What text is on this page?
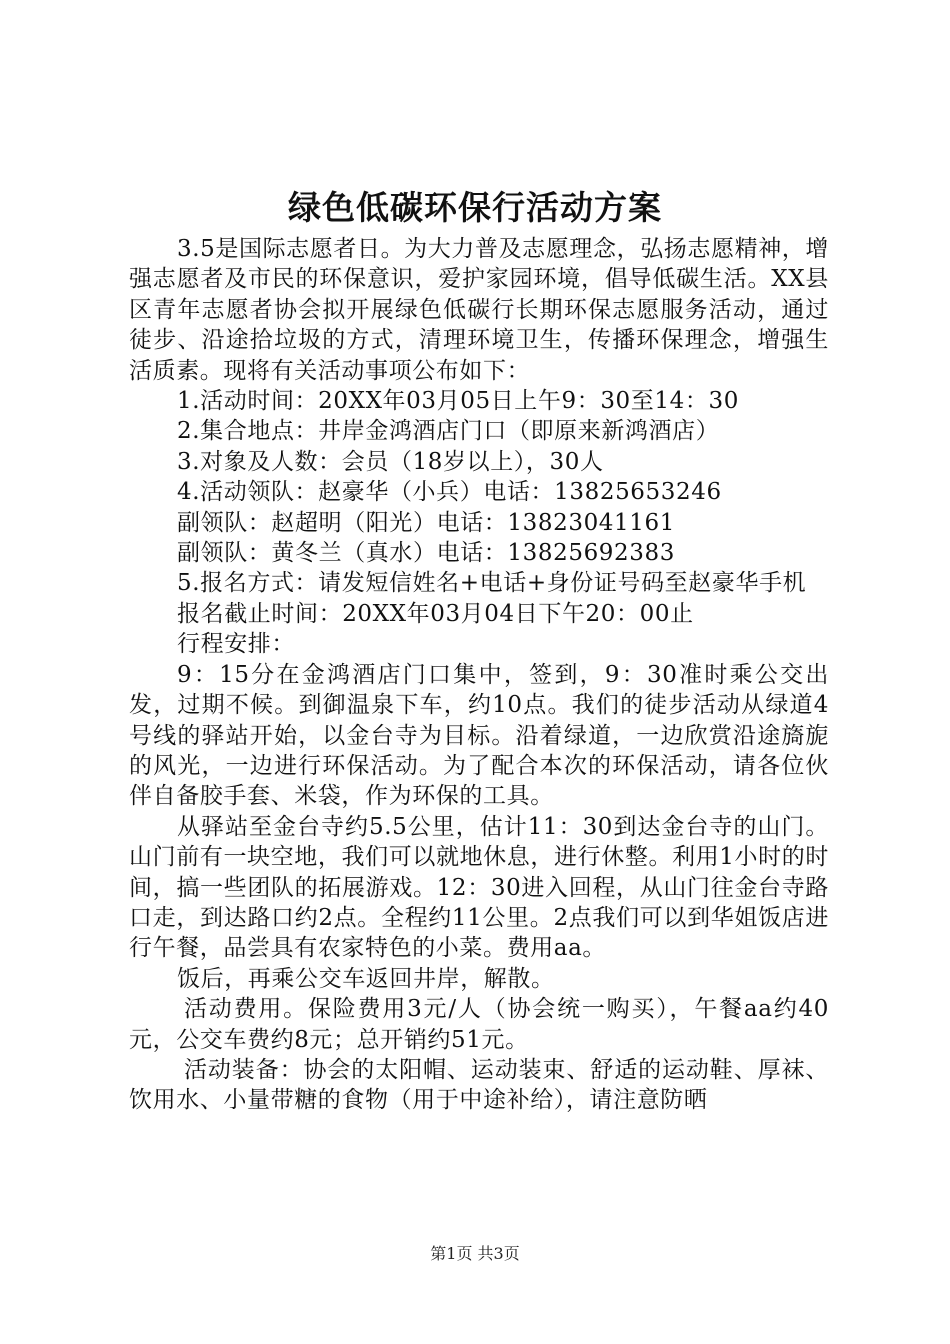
绿色低碳环保行活动方案

3.5是国际志愿者日。为大力普及志愿理念，弘扬志愿精神，增强志愿者及市民的环保意识，爱护家园环境，倡导低碳生活。XX县区青年志愿者协会拟开展绿色低碳行长期环保志愿服务活动，通过徒步、沿途拾垃圾的方式，清理环境卫生，传播环保理念，增强生活质素。现将有关活动事项公布如下：

1.活动时间：20XX年03月05日上午9：30至14：30

2.集合地点：井岸金鸿酒店门口（即原来新鸿酒店）

3.对象及人数：会员（18岁以上），30人

4.活动领队：赵豪华（小兵）电话：13825653246

副领队：赵超明（阳光）电话：13823041161

副领队：黄冬兰（真水）电话：13825692383

5.报名方式：请发短信姓名+电话+身份证号码至赵豪华手机

报名截止时间：20XX年03月04日下午20：00止

行程安排：

9：15分在金鸿酒店门口集中，签到，9：30准时乘公交出发，过期不候。到御温泉下车，约10点。我们的徒步活动从绿道4号线的驿站开始，以金台寺为目标。沿着绿道，一边欣赏沿途旖旎的风光，一边进行环保活动。为了配合本次的环保活动，请各位伙伴自备胶手套、米袋，作为环保的工具。

从驿站至金台寺约5.5公里，估计11：30到达金台寺的山门。山门前有一块空地，我们可以就地休息，进行休整。利用1小时的时间，搞一些团队的拓展游戏。12：30进入回程，从山门往金台寺路口走，到达路口约2点。全程约11公里。2点我们可以到华姐饭店进行午餐，品尝具有农家特色的小菜。费用aa。

饭后，再乘公交车返回井岸，解散。

活动费用。保险费用3元/人（协会统一购买），午餐aa约40元，公交车费约8元；总开销约51元。

活动装备：协会的太阳帽、运动装束、舒适的运动鞋、厚袜、饮用水、小量带糖的食物（用于中途补给），请注意防晒

第1页 共3页
